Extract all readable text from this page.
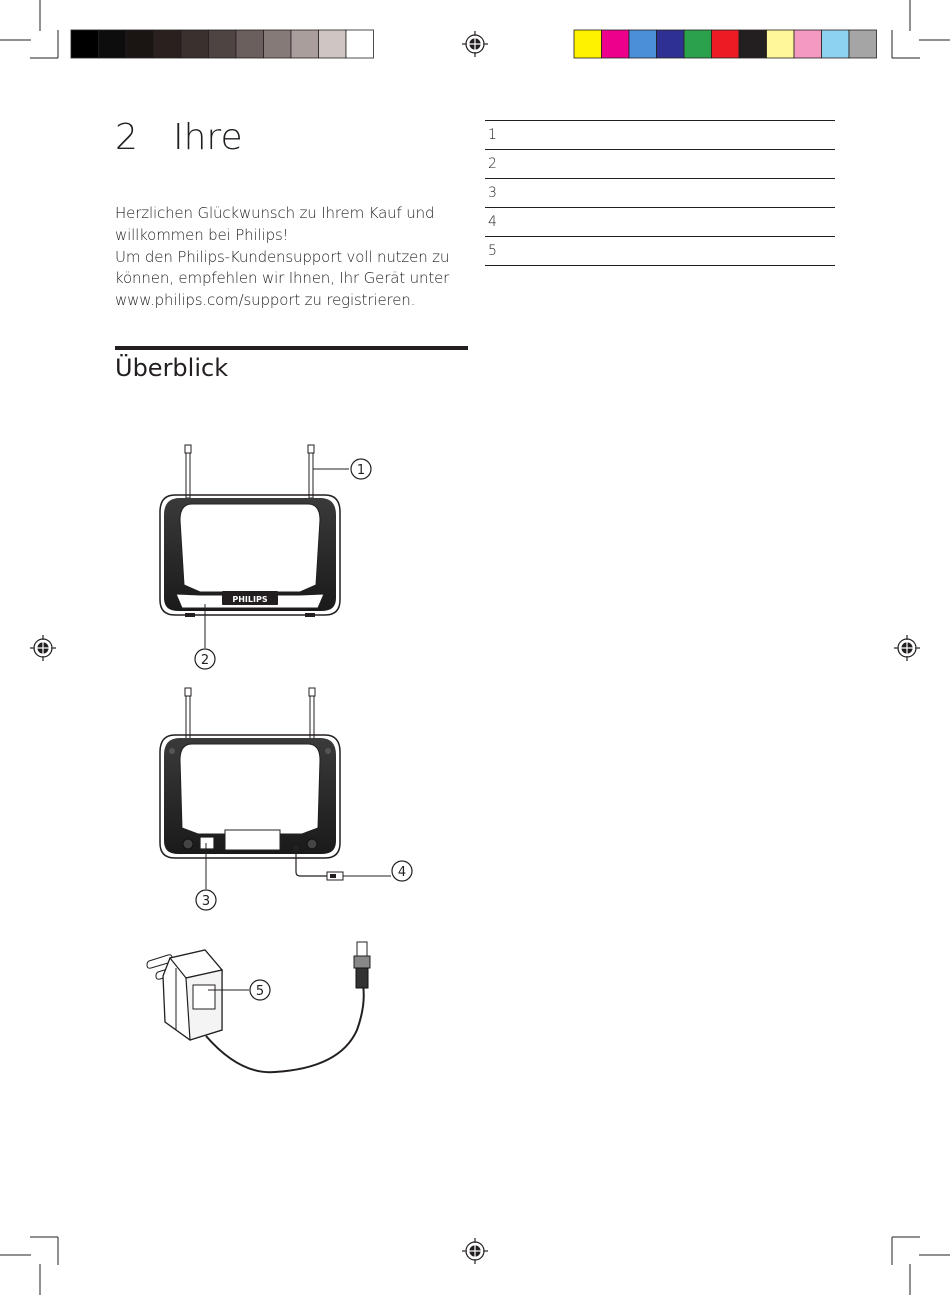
2 Ihre

Herzlichen Glückwunsch zu Ihrem Kauf und willkommen bei Philips!

Um den Philips-Kundensupport voll nutzen zu können, empfehlen wir Ihnen, Ihr Gerät unter www.philips.com/support zu registrieren.

Überblick
1
2
3
4
5
PHILIPS
1
2
3
4
5
